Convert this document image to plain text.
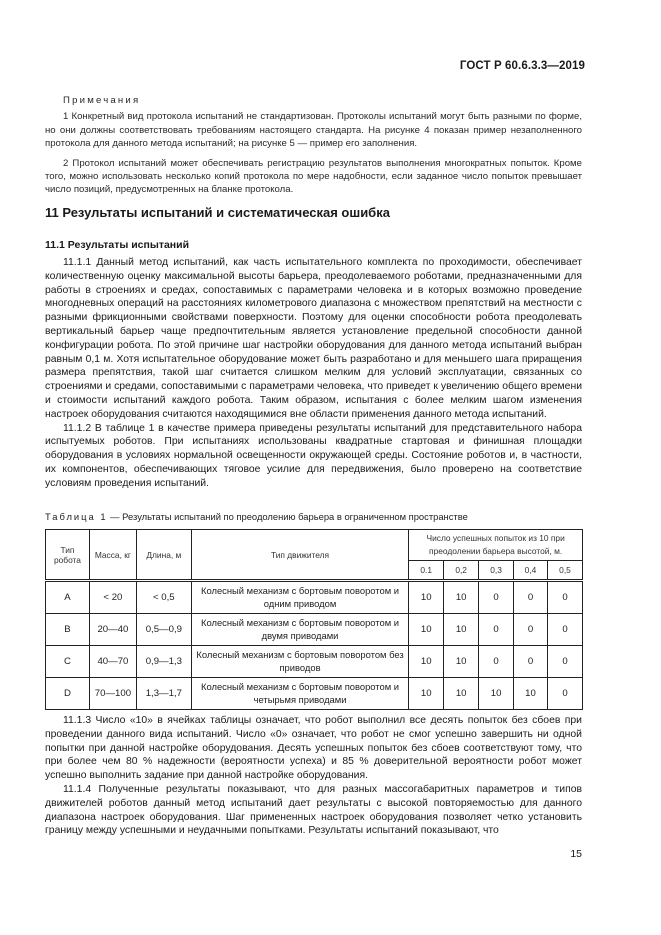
ГОСТ Р 60.6.3.3—2019
Примечания

1 Конкретный вид протокола испытаний не стандартизован. Протоколы испытаний могут быть разными по форме, но они должны соответствовать требованиям настоящего стандарта. На рисунке 4 показан пример незаполненного протокола для данного метода испытаний; на рисунке 5 — пример его заполнения.

2 Протокол испытаний может обеспечивать регистрацию результатов выполнения многократных попыток. Кроме того, можно использовать несколько копий протокола по мере надобности, если заданное число попыток превышает число позиций, предусмотренных на бланке протокола.

11 Результаты испытаний и систематическая ошибка
11.1 Результаты испытаний

11.1.1 Данный метод испытаний, как часть испытательного комплекта по проходимости, обеспечивает количественную оценку максимальной высоты барьера, преодолеваемого роботами, предназначенными для работы в строениях и средах, сопоставимых с параметрами человека и в которых возможно проведение многодневных операций на расстояниях километрового диапазона с множеством препятствий на местности с разными фрикционными свойствами поверхности. Поэтому для оценки способности робота преодолевать вертикальный барьер чаще предпочтительным является установление предельной способности данной конфигурации робота. По этой причине шаг настройки оборудования для данного метода испытаний выбран равным 0,1 м. Хотя испытательное оборудование может быть разработано и для меньшего шага приращения размера препятствия, такой шаг считается слишком мелким для условий эксплуатации, связанных со строениями и средами, сопоставимыми с параметрами человека, что приведет к увеличению общего времени и стоимости испытаний каждого робота. Таким образом, испытания с более мелким шагом изменения настроек оборудования считаются находящимися вне области применения данного метода испытаний.

11.1.2 В таблице 1 в качестве примера приведены результаты испытаний для представительного набора испытуемых роботов. При испытаниях использованы квадратные стартовая и финишная площадки оборудования в условиях нормальной освещенности окружающей среды. Состояние роботов и, в частности, их компонентов, обеспечивающих тяговое усилие для передвижения, было проверено на соответствие условиям проведения испытаний.

Таблица 1 — Результаты испытаний по преодолению барьера в ограниченном пространстве
Тип робота	Масса, кг	Длина, м	Тип движителя	Число успешных попыток из 10 при преодолении барьера высотой, м.				
				0.1	0,2	0,3	0,4	0,5
A	< 20	< 0,5	Колесный механизм с бортовым поворотом и одним приводом	10	10	0	0	0
B	20—40	0,5—0,9	Колесный механизм с бортовым поворотом и двумя приводами	10	10	0	0	0
C	40—70	0,9—1,3	Колесный механизм с бортовым поворотом без приводов	10	10	0	0	0
D	70—100	1,3—1,7	Колесный механизм с бортовым поворотом и четырьмя приводами	10	10	10	10	0

11.1.3 Число «10» в ячейках таблицы означает, что робот выполнил все десять попыток без сбоев при проведении данного вида испытаний. Число «0» означает, что робот не смог успешно завершить ни одной попытки при данной настройке оборудования. Десять успешных попыток без сбоев соответствуют тому, что при более чем 80 % надежности (вероятности успеха) и 85 % доверительной вероятности робот может успешно выполнить задание при данной настройке оборудования.

11.1.4 Полученные результаты показывают, что для разных массогабаритных параметров и типов движителей роботов данный метод испытаний дает результаты с высокой повторяемостью для данного диапазона настроек оборудования. Шаг примененных настроек оборудования позволяет четко установить границу между успешными и неудачными попытками. Результаты испытаний показывают, что

15
